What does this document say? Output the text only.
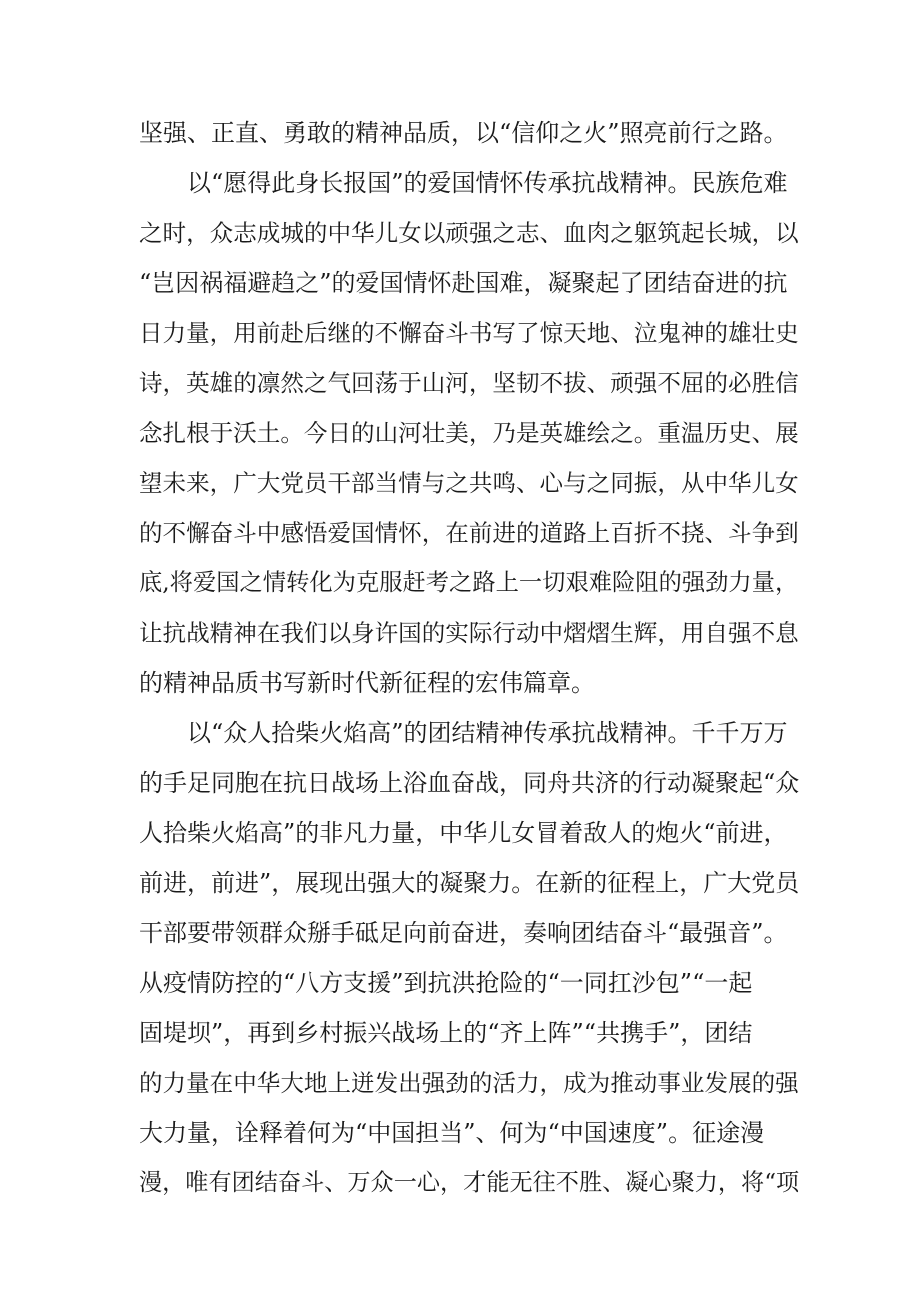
坚强、正直、勇敢的精神品质，以“信仰之火”照亮前行之路。
以“愿得此身长报国”的爱国情怀传承抗战精神。民族危难
之时，众志成城的中华儿女以顽强之志、血肉之躯筑起长城，以
“岂因祸福避趋之”的爱国情怀赴国难，凝聚起了团结奋进的抗
日力量，用前赴后继的不懈奋斗书写了惊天地、泣鬼神的雄壮史
诗，英雄的凛然之气回荡于山河，坚韧不拔、顽强不屈的必胜信
念扎根于沃土。今日的山河壮美，乃是英雄绘之。重温历史、展
望未来，广大党员干部当情与之共鸣、心与之同振，从中华儿女
的不懈奋斗中感悟爱国情怀，在前进的道路上百折不挠、斗争到
底,将爱国之情转化为克服赶考之路上一切艰难险阻的强劲力量，
让抗战精神在我们以身许国的实际行动中熠熠生辉，用自强不息
的精神品质书写新时代新征程的宏伟篇章。
以“众人拾柴火焰高”的团结精神传承抗战精神。千千万万
的手足同胞在抗日战场上浴血奋战，同舟共济的行动凝聚起“众
人拾柴火焰高”的非凡力量，中华儿女冒着敌人的炮火“前进，
前进，前进”，展现出强大的凝聚力。在新的征程上，广大党员
干部要带领群众掰手砥足向前奋进，奏响团结奋斗“最强音”。
从疫情防控的“八方支援”到抗洪抢险的“一同扛沙包”“一起
固堤坝”，再到乡村振兴战场上的“齐上阵”“共携手”，团结
的力量在中华大地上迸发出强劲的活力，成为推动事业发展的强
大力量，诠释着何为“中国担当”、何为“中国速度”。征途漫
漫，唯有团结奋斗、万众一心，才能无往不胜、凝心聚力，将“项
